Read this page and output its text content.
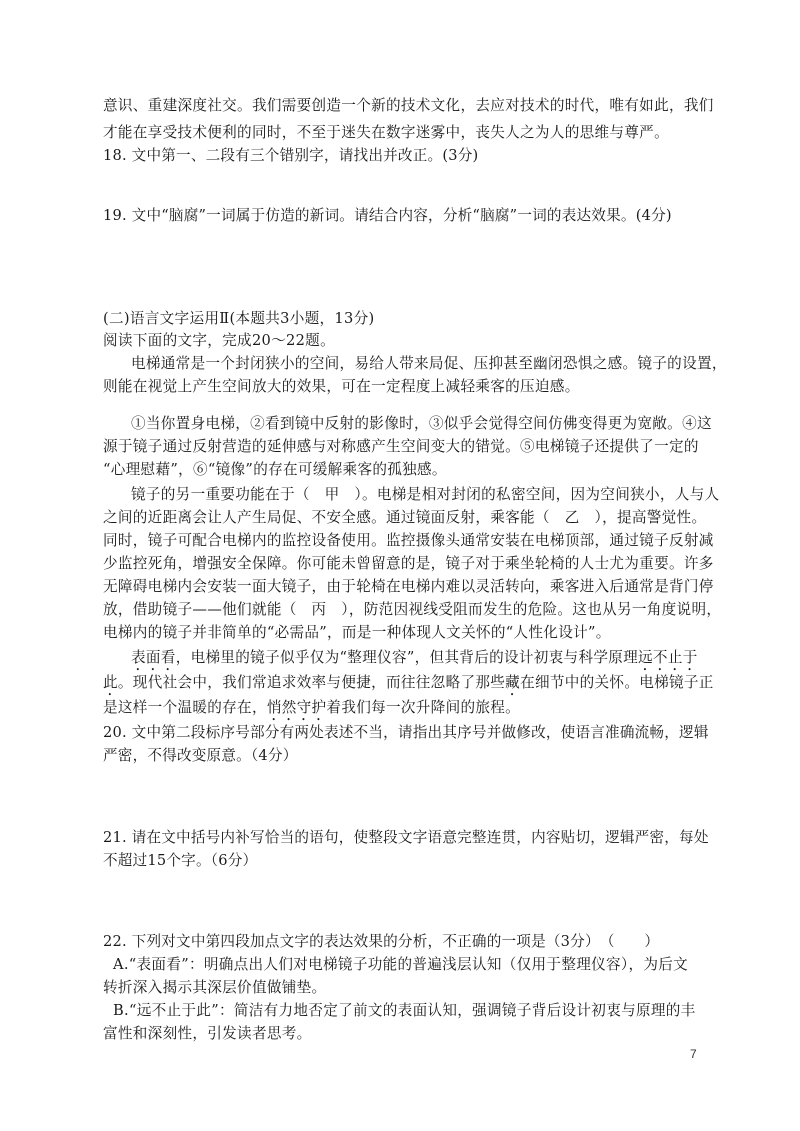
意识、重建深度社交。我们需要创造一个新的技术文化，去应对技术的时代，唯有如此，我们
才能在享受技术便利的同时，不至于迷失在数字迷雾中，丧失人之为人的思维与尊严。
18. 文中第一、二段有三个错别字，请找出并改正。(3分)
19. 文中“脑腐”一词属于仿造的新词。请结合内容，分析“脑腐”一词的表达效果。(4分)
(二)语言文字运用Ⅱ(本题共3小题，13分)
阅读下面的文字，完成20～22题。
电梯通常是一个封闭狭小的空间，易给人带来局促、压抑甚至幽闭恐惧之感。镜子的设置，
则能在视觉上产生空间放大的效果，可在一定程度上减轻乘客的压迫感。
①当你置身电梯，②看到镜中反射的影像时，③似乎会觉得空间仿佛变得更为宽敞。④这
源于镜子通过反射营造的延伸感与对称感产生空间变大的错觉。⑤电梯镜子还提供了一定的
“心理慰藉”，⑥“镜像”的存在可缓解乘客的孤独感。
镜子的另一重要功能在于（　甲　）。电梯是相对封闭的私密空间，因为空间狭小，人与人
之间的近距离会让人产生局促、不安全感。通过镜面反射，乘客能（　乙　），提高警觉性。
同时，镜子可配合电梯内的监控设备使用。监控摄像头通常安装在电梯顶部，通过镜子反射减
少监控死角，增强安全保障。你可能未曾留意的是，镜子对于乘坐轮椅的人士尤为重要。许多
无障碍电梯内会安装一面大镜子，由于轮椅在电梯内难以灵活转向，乘客进入后通常是背门停
放，借助镜子——他们就能（　丙　），防范因视线受阻而发生的危险。这也从另一角度说明，
电梯内的镜子并非简单的“必需品”，而是一种体现人文关怀的“人性化设计”。
表面看，电梯里的镜子似乎仅为“整理仪容”，但其背后的设计初衷与科学原理远不止于
此。现代社会中，我们常追求效率与便捷，而往往忽略了那些藏在细节中的关怀。电梯镜子正
是这样一个温暖的存在，悄然守护着我们每一次升降间的旅程。
20. 文中第二段标序号部分有两处表述不当，请指出其序号并做修改，使语言准确流畅，逻辑
严密，不得改变原意。（4分）
21. 请在文中括号内补写恰当的语句，使整段文字语意完整连贯，内容贴切，逻辑严密，每处
不超过15个字。（6分）
22. 下列对文中第四段加点文字的表达效果的分析，不正确的一项是（3分）　（　　）
A.“表面看”：明确点出人们对电梯镜子功能的普遍浅层认知（仅用于整理仪容），为后文
转折深入揭示其深层价值做铺垫。
B.“远不止于此”：简洁有力地否定了前文的表面认知，强调镜子背后设计初衷与原理的丰
富性和深刻性，引发读者思考。
7
